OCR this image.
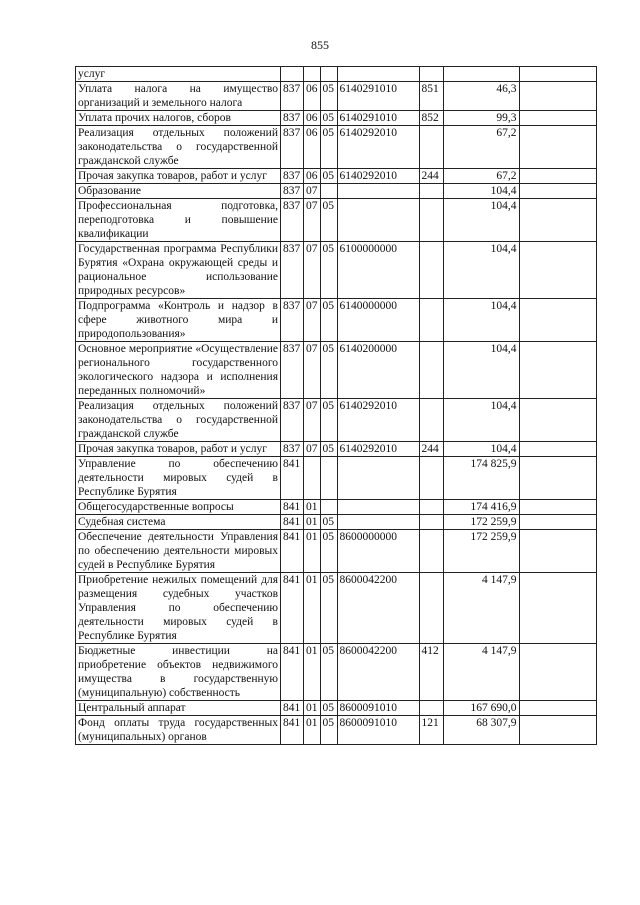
855
услуг							
Уплата налога на имущество организаций и земельного налога	837	06	05	6140291010	851	46,3	
Уплата прочих налогов, сборов	837	06	05	6140291010	852	99,3	
Реализация отдельных положений законодательства о государственной гражданской службе	837	06	05	6140292010		67,2	
Прочая закупка товаров, работ и услуг	837	06	05	6140292010	244	67,2	
Образование	837	07				104,4	
Профессиональная подготовка, переподготовка и повышение квалификации	837	07	05			104,4	
Государственная программа Республики Бурятия «Охрана окружающей среды и рациональное использование природных ресурсов»	837	07	05	6100000000		104,4	
Подпрограмма «Контроль и надзор в сфере животного мира и природопользования»	837	07	05	6140000000		104,4	
Основное мероприятие «Осуществление регионального государственного экологического надзора и исполнения переданных полномочий»	837	07	05	6140200000		104,4	
Реализация отдельных положений законодательства о государственной гражданской службе	837	07	05	6140292010		104,4	
Прочая закупка товаров, работ и услуг	837	07	05	6140292010	244	104,4	
Управление по обеспечению деятельности мировых судей в Республике Бурятия	841					174 825,9	
Общегосударственные вопросы	841	01				174 416,9	
Судебная система	841	01	05			172 259,9	
Обеспечение деятельности Управления по обеспечению деятельности мировых судей в Республике Бурятия	841	01	05	8600000000		172 259,9	
Приобретение нежилых помещений для размещения судебных участков Управления по обеспечению деятельности мировых судей в Республике Бурятия	841	01	05	8600042200		4 147,9	
Бюджетные инвестиции на приобретение объектов недвижимого имущества в государственную (муниципальную) собственность	841	01	05	8600042200	412	4 147,9	
Центральный аппарат	841	01	05	8600091010		167 690,0	
Фонд оплаты труда государственных (муниципальных) органов	841	01	05	8600091010	121	68 307,9	
